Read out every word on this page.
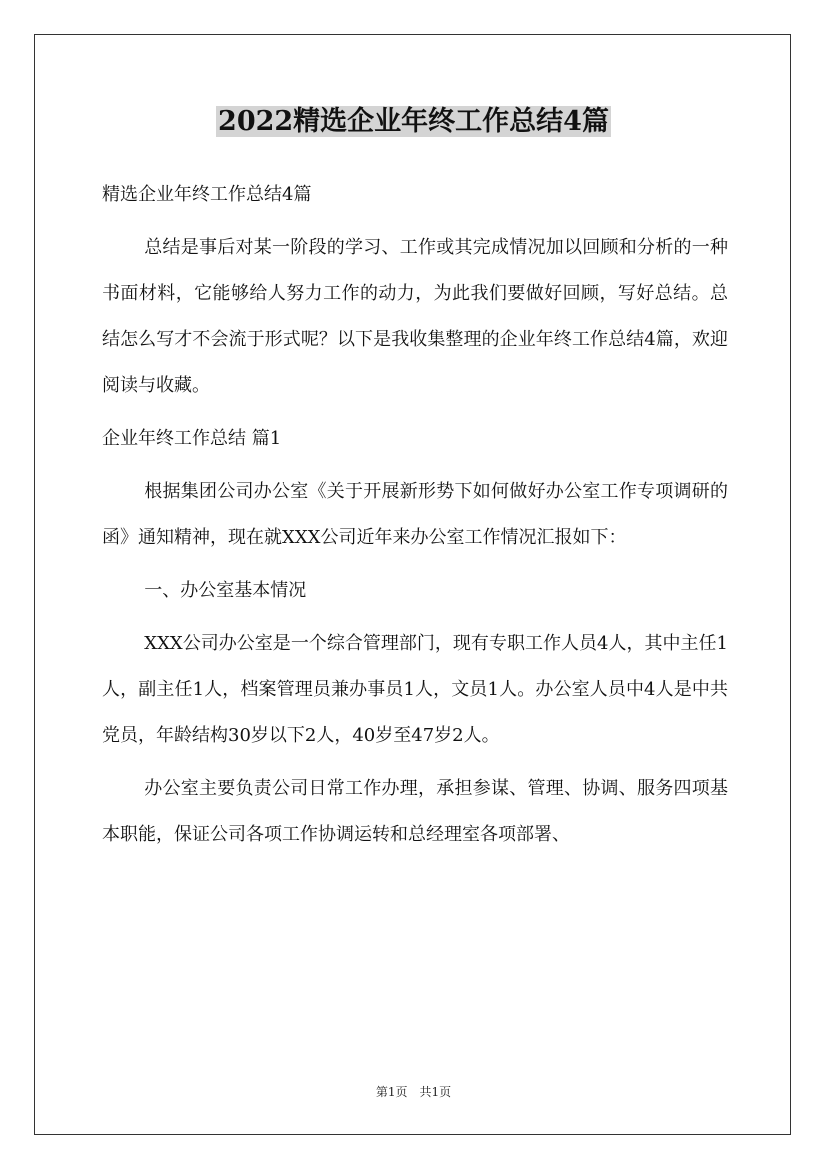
2022精选企业年终工作总结4篇
精选企业年终工作总结4篇

总结是事后对某一阶段的学习、工作或其完成情况加以回顾和分析的一种书面材料，它能够给人努力工作的动力，为此我们要做好回顾，写好总结。总结怎么写才不会流于形式呢？以下是我收集整理的企业年终工作总结4篇，欢迎阅读与收藏。

企业年终工作总结 篇1

根据集团公司办公室《关于开展新形势下如何做好办公室工作专项调研的函》通知精神，现在就XXX公司近年来办公室工作情况汇报如下：

一、办公室基本情况

XXX公司办公室是一个综合管理部门，现有专职工作人员4人，其中主任1人，副主任1人，档案管理员兼办事员1人，文员1人。办公室人员中4人是中共党员，年龄结构30岁以下2人，40岁至47岁2人。

办公室主要负责公司日常工作办理，承担参谋、管理、协调、服务四项基本职能，保证公司各项工作协调运转和总经理室各项部署、

第1页　共1页
